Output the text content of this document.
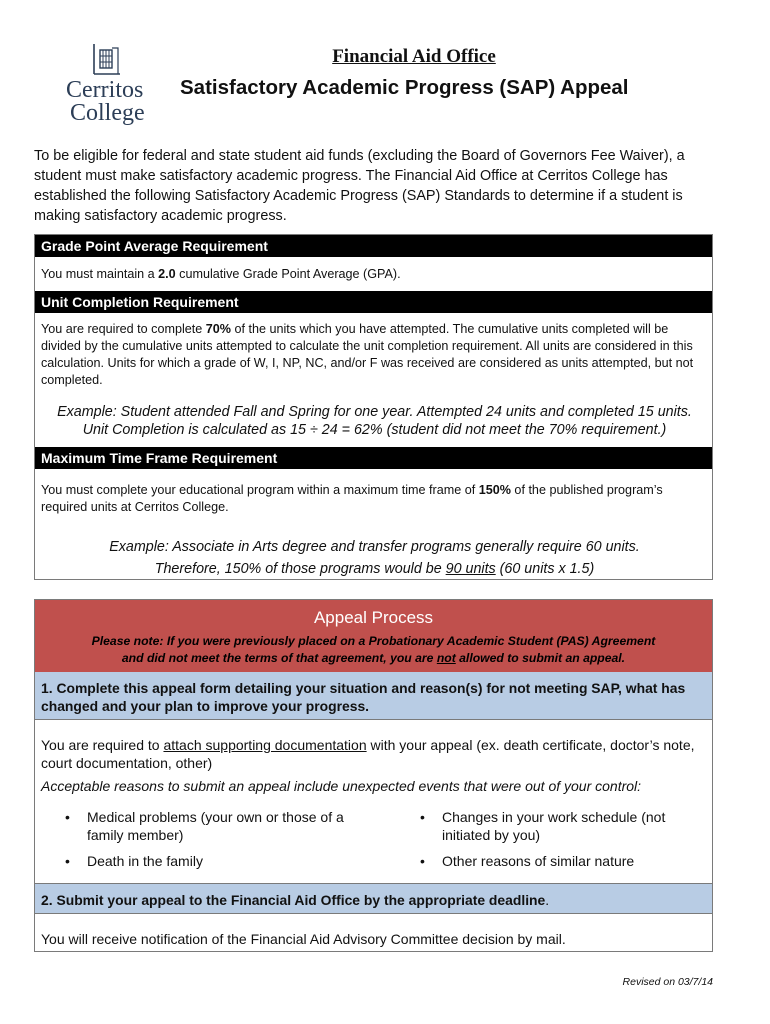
Cerritos
College
Financial Aid Office
Satisfactory Academic Progress (SAP) Appeal
To be eligible for federal and state student aid funds (excluding the Board of Governors Fee Waiver), a student must make satisfactory academic progress. The Financial Aid Office at Cerritos College has established the following Satisfactory Academic Progress (SAP) Standards to determine if a student is making satisfactory academic progress.
Grade Point Average Requirement
You must maintain a 2.0 cumulative Grade Point Average (GPA).
Unit Completion Requirement
You are required to complete 70% of the units which you have attempted. The cumulative units completed will be divided by the cumulative units attempted to calculate the unit completion requirement. All units are considered in this calculation. Units for which a grade of W, I, NP, NC, and/or F was received are considered as units attempted, but not completed.
Example: Student attended Fall and Spring for one year. Attempted 24 units and completed 15 units.
Unit Completion is calculated as 15 ÷ 24 = 62% (student did not meet the 70% requirement.)
Maximum Time Frame Requirement
You must complete your educational program within a maximum time frame of 150% of the published program’s required units at Cerritos College.
Example: Associate in Arts degree and transfer programs generally require 60 units.
Therefore, 150% of those programs would be 90 units (60 units x 1.5)
Appeal Process
Please note: If you were previously placed on a Probationary Academic Student (PAS) Agreement
and did not meet the terms of that agreement, you are not allowed to submit an appeal.
1. Complete this appeal form detailing your situation and reason(s) for not meeting SAP, what has changed and your plan to improve your progress.
You are required to attach supporting documentation with your appeal (ex. death certificate, doctor’s note, court documentation, other)
Acceptable reasons to submit an appeal include unexpected events that were out of your control:
• Medical problems (your own or those of a family member)
• Changes in your work schedule (not initiated by you)
• Death in the family	• Other reasons of similar nature
2. Submit your appeal to the Financial Aid Office by the appropriate deadline.
You will receive notification of the Financial Aid Advisory Committee decision by mail.
Revised on 03/7/14
